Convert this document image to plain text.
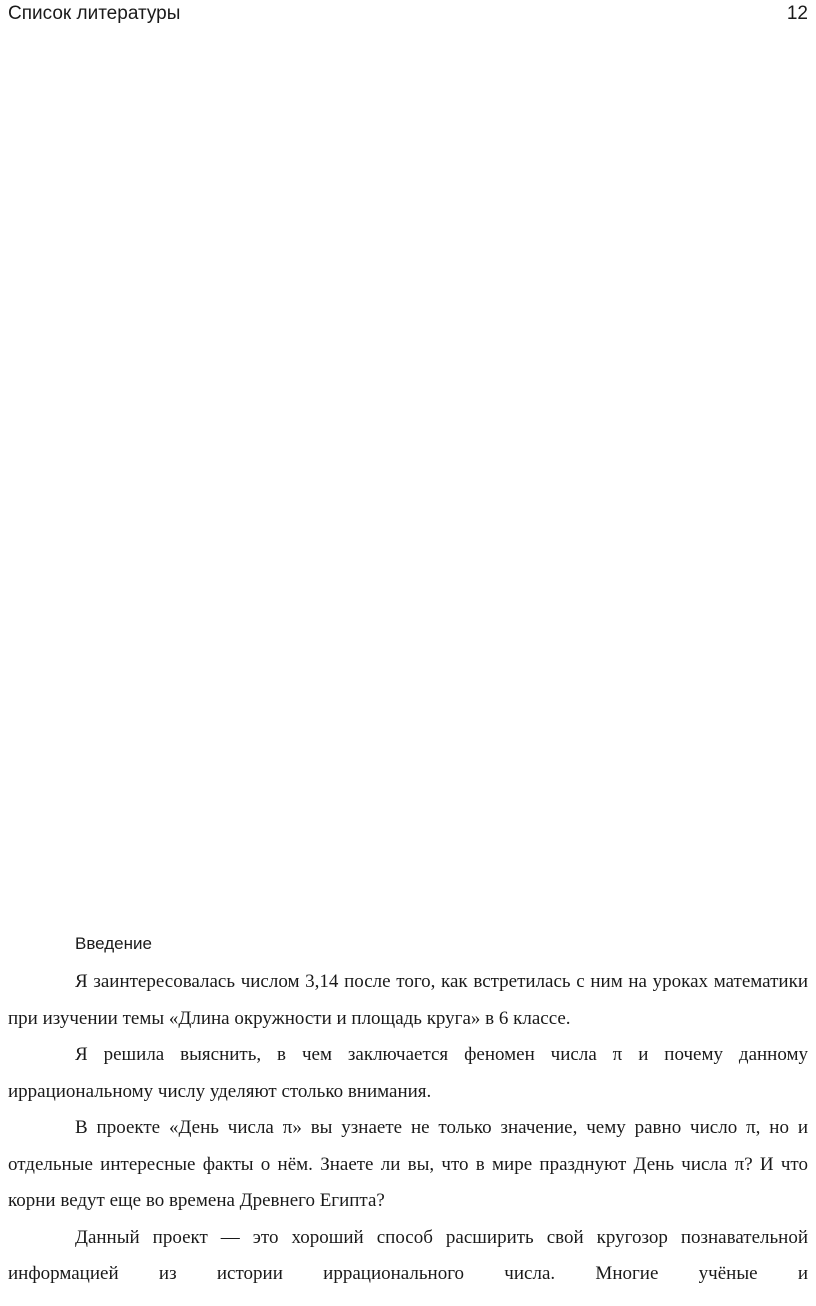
Список литературы	12
Введение

Я заинтересовалась числом 3,14 после того, как встретилась с ним на уроках математики при изучении темы «Длина окружности и площадь круга» в 6 классе.

Я решила выяснить, в чем заключается феномен числа π и почему данному иррациональному числу уделяют столько внимания.

В проекте «День числа π» вы узнаете не только значение, чему равно число π, но и отдельные интересные факты о нём. Знаете ли вы, что в мире празднуют День числа π? И что корни ведут еще во времена Древнего Египта?

Данный проект — это хороший способ расширить свой кругозор познавательной информацией из истории иррационального числа. Многие учёные и
